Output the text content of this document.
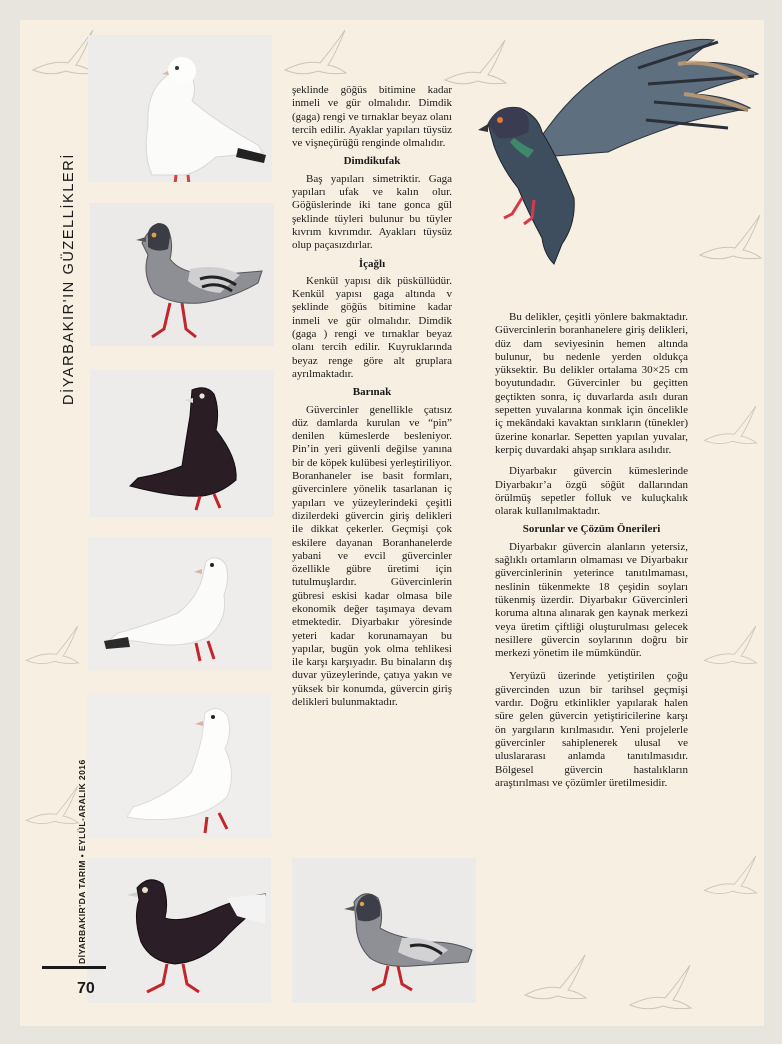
şeklinde göğüs bitimine kadar inmeli ve gür olmalıdır. Dimdik (gaga) rengi ve tırnaklar beyaz olanı tercih edilir. Ayaklar yapıları tüysüz ve vişneçürüğü renginde olmalıdır.

Dimdikufak

Baş yapıları simetriktir. Gaga yapıları ufak ve kalın olur. Göğüslerinde iki tane gonca gül şeklinde tüyleri bulunur bu tüyler kıvrım kıvrımdır. Ayakları tüysüz olup paçasızdırlar.

İçağlı

Kenkül yapısı dik püsküllüdür. Kenkül yapısı gaga altında v şeklinde göğüs bitimine kadar inmeli ve gür olmalıdır. Dimdik (gaga ) rengi ve tırnaklar beyaz olanı tercih edilir. Kuyruklarında beyaz renge göre alt gruplara ayrılmaktadır.

Barınak

Güvercinler genellikle çatısız düz damlarda kurulan ve “pin” denilen kümeslerde besleniyor. Pin’in yeri güvenli değilse yanına bir de köpek kulübesi yerleştiriliyor. Boranhaneler ise basit formları, güvercinlere yönelik tasarlanan iç yapıları ve yüzeylerindeki çeşitli dizilerdeki güvercin giriş delikleri ile dikkat çekerler. Geçmişi çok eskilere dayanan Boranhanelerde yabani ve evcil güvercinler özellikle gübre üretimi için tutulmuşlardır. Güvercinlerin gübresi eskisi kadar olmasa bile ekonomik değer taşımaya devam etmektedir. Diyarbakır yöresinde yeteri kadar korunamayan bu yapılar, bugün yok olma tehlikesi ile karşı karşıyadır. Bu binaların dış duvar yüzeylerinde, çatıya yakın ve yüksek bir konumda, güvercin giriş delikleri bulunmaktadır.

Bu delikler, çeşitli yönlere bakmaktadır. Güvercinlerin boranhanelere giriş delikleri, düz dam seviyesinin hemen altında bulunur, bu nedenle yerden oldukça yüksektir. Bu delikler ortalama 30×25 cm boyutundadır. Güvercinler bu geçitten geçtikten sonra, iç duvarlarda asılı duran sepetten yuvalarına konmak için öncelikle iç mekândaki kavaktan sırıkların (tünekler) üzerine konarlar. Sepetten yapılan yuvalar, kerpiç duvardaki ahşap sırıklara asılıdır.

Diyarbakır güvercin kümeslerinde Diyarbakır’a özgü söğüt dallarından örülmüş sepetler folluk ve kuluçkalık olarak kullanılmaktadır.

Sorunlar ve Çözüm Önerileri

Diyarbakır güvercin alanların yetersiz, sağlıklı ortamların olmaması ve Diyarbakır güvercinlerinin yeterince tanıtılmaması, neslinin tükenmekte 18 çeşidin soyları tükenmiş üzerdir. Diyarbakır Güvercinleri koruma altına alınarak gen kaynak merkezi veya üretim çiftliği oluşturulması gelecek nesillere güvercin soylarının doğru bir merkezi yönetim ile mümkündür.

Yeryüzü üzerinde yetiştirilen çoğu güvercinden uzun bir tarihsel geçmişi vardır. Doğru etkinlikler yapılarak halen süre gelen güvercin yetiştiricilerine karşı ön yargıların kırılmasıdır. Yeni projelerle güvercinler sahiplenerek ulusal ve uluslararası anlamda tanıtılmasıdır. Bölgesel güvercin hastalıkların araştırılması ve çözümler üretilmesidir.

DİYARBAKIR'IN GÜZELLİKLERİ
DİYARBAKIR'DA TARIM • EYLÜL-ARALIK 2016
70
